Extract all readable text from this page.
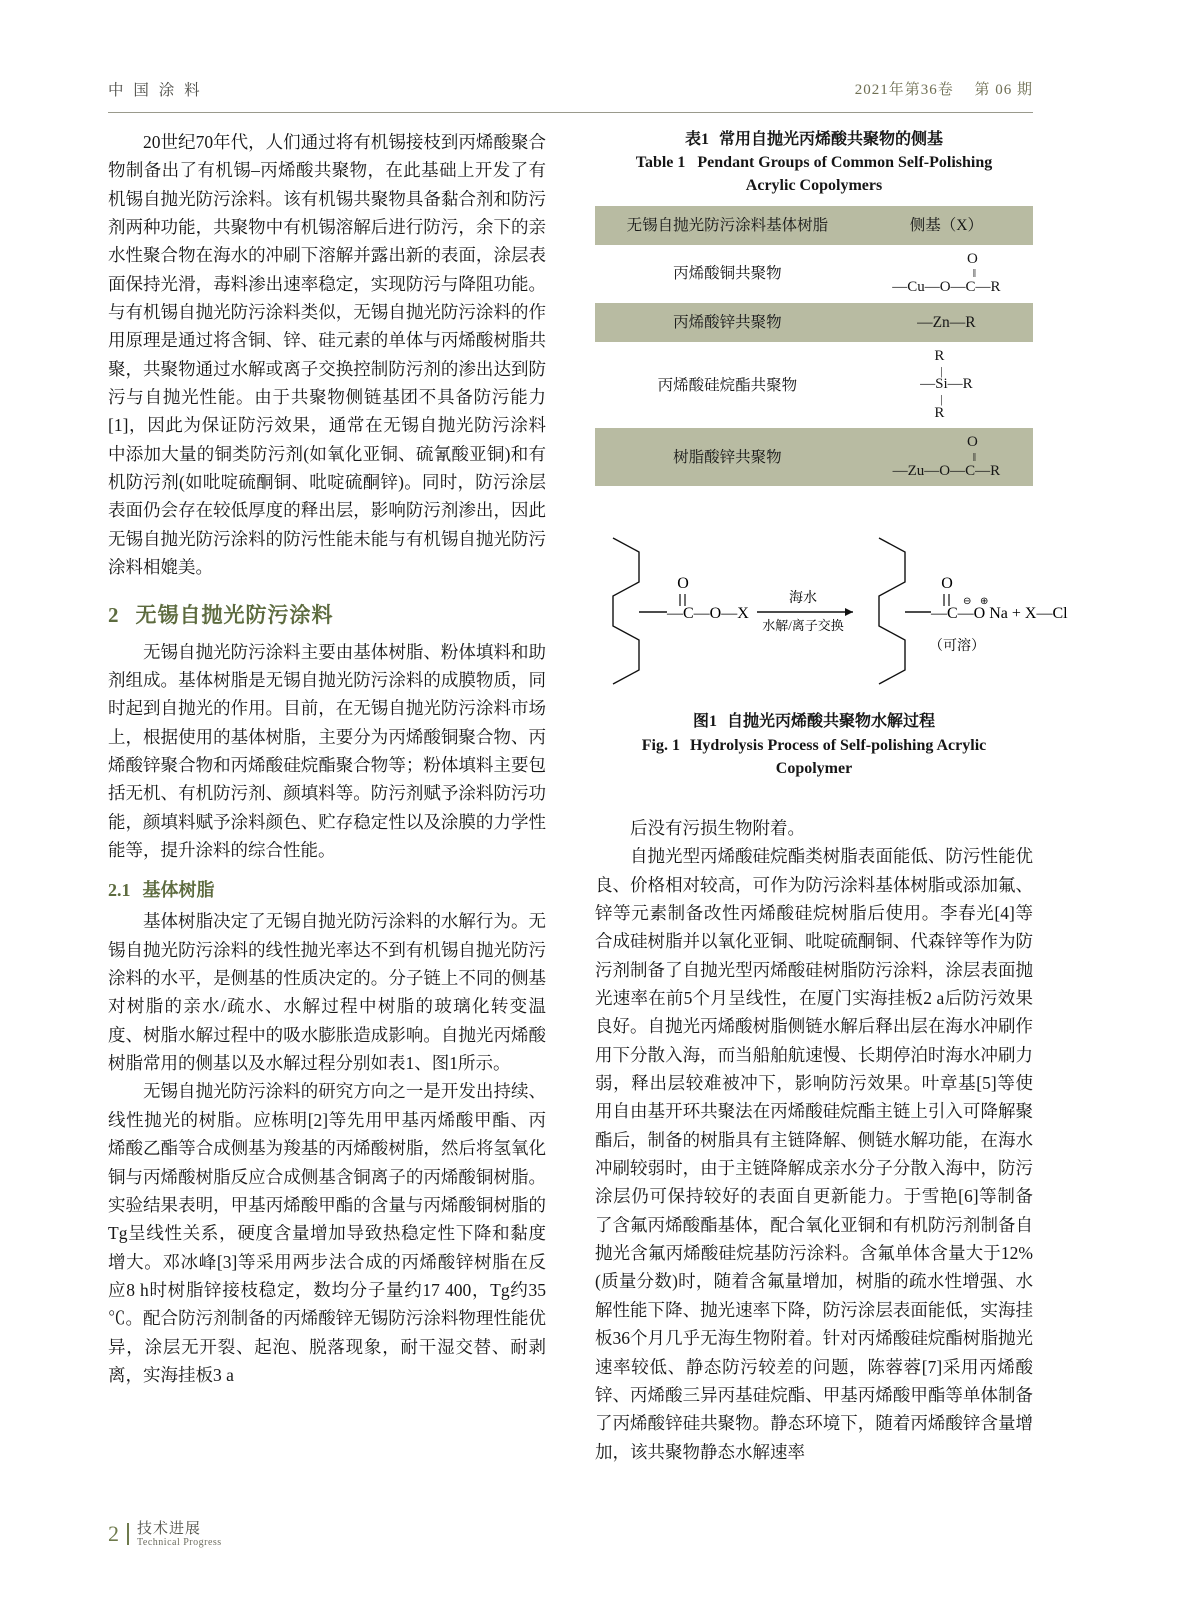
中 国 涂 料	2021年第36卷 第 06 期

20世纪70年代，人们通过将有机锡接枝到丙烯酸聚合物制备出了有机锡–丙烯酸共聚物，在此基础上开发了有机锡自抛光防污涂料。该有机锡共聚物具备黏合剂和防污剂两种功能，共聚物中有机锡溶解后进行防污，余下的亲水性聚合物在海水的冲刷下溶解并露出新的表面，涂层表面保持光滑，毒料渗出速率稳定，实现防污与降阻功能。与有机锡自抛光防污涂料类似，无锡自抛光防污涂料的作用原理是通过将含铜、锌、硅元素的单体与丙烯酸树脂共聚，共聚物通过水解或离子交换控制防污剂的渗出达到防污与自抛光性能。由于共聚物侧链基团不具备防污能力[1]，因此为保证防污效果，通常在无锡自抛光防污涂料中添加大量的铜类防污剂(如氧化亚铜、硫氰酸亚铜)和有机防污剂(如吡啶硫酮铜、吡啶硫酮锌)。同时，防污涂层表面仍会存在较低厚度的释出层，影响防污剂渗出，因此无锡自抛光防污涂料的防污性能未能与有机锡自抛光防污涂料相媲美。

2 无锡自抛光防污涂料

无锡自抛光防污涂料主要由基体树脂、粉体填料和助剂组成。基体树脂是无锡自抛光防污涂料的成膜物质，同时起到自抛光的作用。目前，在无锡自抛光防污涂料市场上，根据使用的基体树脂，主要分为丙烯酸铜聚合物、丙烯酸锌聚合物和丙烯酸硅烷酯聚合物等；粉体填料主要包括无机、有机防污剂、颜填料等。防污剂赋予涂料防污功能，颜填料赋予涂料颜色、贮存稳定性以及涂膜的力学性能等，提升涂料的综合性能。

2.1 基体树脂

基体树脂决定了无锡自抛光防污涂料的水解行为。无锡自抛光防污涂料的线性抛光率达不到有机锡自抛光防污涂料的水平，是侧基的性质决定的。分子链上不同的侧基对树脂的亲水/疏水、水解过程中树脂的玻璃化转变温度、树脂水解过程中的吸水膨胀造成影响。自抛光丙烯酸树脂常用的侧基以及水解过程分别如表1、图1所示。

无锡自抛光防污涂料的研究方向之一是开发出持续、线性抛光的树脂。应栋明[2]等先用甲基丙烯酸甲酯、丙烯酸乙酯等合成侧基为羧基的丙烯酸树脂，然后将氢氧化铜与丙烯酸树脂反应合成侧基含铜离子的丙烯酸铜树脂。实验结果表明，甲基丙烯酸甲酯的含量与丙烯酸铜树脂的Tg呈线性关系，硬度含量增加导致热稳定性下降和黏度增大。邓冰峰[3]等采用两步法合成的丙烯酸锌树脂在反应8 h时树脂锌接枝稳定，数均分子量约17 400，Tg约35 ℃。配合防污剂制备的丙烯酸锌无锡防污涂料物理性能优异，涂层无开裂、起泡、脱落现象，耐干湿交替、耐剥离，实海挂板3 a

表1 常用自抛光丙烯酸共聚物的侧基
Table 1 Pendant Groups of Common Self-Polishing
Acrylic Copolymers
无锡自抛光防污涂料基体树脂	侧基（X）
丙烯酸铜共聚物	O
‖
—Cu—O—C—R

丙烯酸锌共聚物	—Zn—R
丙烯酸硅烷酯共聚物	R
|
—Si—R
|
R

树脂酸锌共聚物	O
‖
—Zu—O—C—R
O
—C—O—X
海水
水解/离子交换
O
—C—O Na + X—Cl
⊖ ⊕
（可溶）
图1 自抛光丙烯酸共聚物水解过程
Fig. 1 Hydrolysis Process of Self-polishing Acrylic
Copolymer

后没有污损生物附着。

自抛光型丙烯酸硅烷酯类树脂表面能低、防污性能优良、价格相对较高，可作为防污涂料基体树脂或添加氟、锌等元素制备改性丙烯酸硅烷树脂后使用。李春光[4]等合成硅树脂并以氧化亚铜、吡啶硫酮铜、代森锌等作为防污剂制备了自抛光型丙烯酸硅树脂防污涂料，涂层表面抛光速率在前5个月呈线性，在厦门实海挂板2 a后防污效果良好。自抛光丙烯酸树脂侧链水解后释出层在海水冲刷作用下分散入海，而当船舶航速慢、长期停泊时海水冲刷力弱，释出层较难被冲下，影响防污效果。叶章基[5]等使用自由基开环共聚法在丙烯酸硅烷酯主链上引入可降解聚酯后，制备的树脂具有主链降解、侧链水解功能，在海水冲刷较弱时，由于主链降解成亲水分子分散入海中，防污涂层仍可保持较好的表面自更新能力。于雪艳[6]等制备了含氟丙烯酸酯基体，配合氧化亚铜和有机防污剂制备自抛光含氟丙烯酸硅烷基防污涂料。含氟单体含量大于12%(质量分数)时，随着含氟量增加，树脂的疏水性增强、水解性能下降、抛光速率下降，防污涂层表面能低，实海挂板36个月几乎无海生物附着。针对丙烯酸硅烷酯树脂抛光速率较低、静态防污较差的问题，陈蓉蓉[7]采用丙烯酸锌、丙烯酸三异丙基硅烷酯、甲基丙烯酸甲酯等单体制备了丙烯酸锌硅共聚物。静态环境下，随着丙烯酸锌含量增加，该共聚物静态水解速率

2	技术进展
Technical Progress
